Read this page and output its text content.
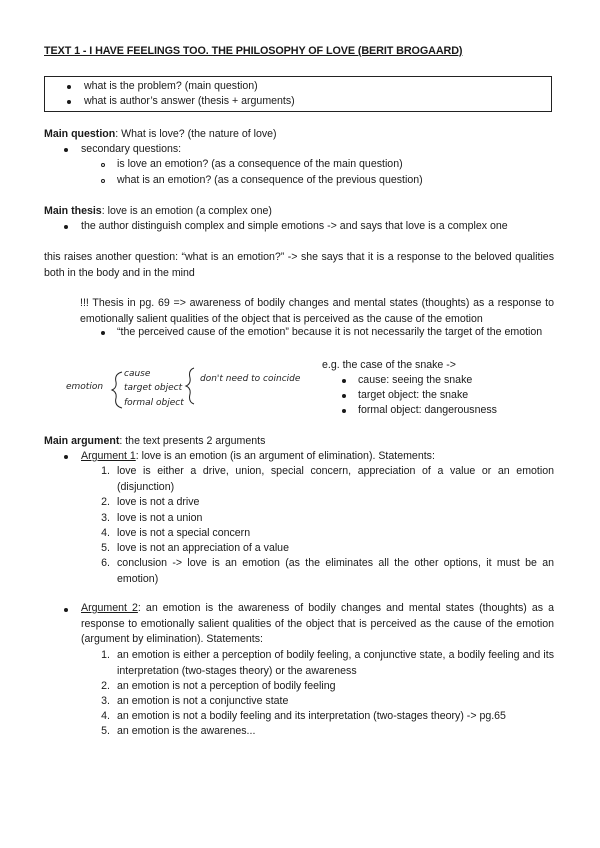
TEXT 1 - I HAVE FEELINGS TOO. THE PHILOSOPHY OF LOVE (BERIT BROGAARD)
what is the problem? (main question)
what is author’s answer (thesis + arguments)
Main question: What is love? (the nature of love)
secondary questions:
is love an emotion? (as a consequence of the main question)
what is an emotion? (as a consequence of the previous question)
Main thesis: love is an emotion (a complex one)
the author distinguish complex and simple emotions -> and says that love is a complex one
this raises another question: “what is an emotion?” -> she says that it is a response to the beloved qualities both in the body and in the mind
!!! Thesis in pg. 69 => awareness of bodily changes and mental states (thoughts) as a response to emotionally salient qualities of the object that is perceived as the cause of the emotion
“the perceived cause of the emotion” because it is not necessarily the target of the emotion
emotion
cause
target object
formal object
don't need to coincide
e.g. the case of the snake ->
cause: seeing the snake
target object: the snake
formal object: dangerousness
Main argument: the text presents 2 arguments
Argument 1: love is an emotion (is an argument of elimination). Statements:
1. love is either a drive, union, special concern, appreciation of a value or an emotion (disjunction)
2. love is not a drive
3. love is not a union
4. love is not a special concern
5. love is not an appreciation of a value
6. conclusion -> love is an emotion (as the eliminates all the other options, it must be an emotion)
Argument 2: an emotion is the awareness of bodily changes and mental states (thoughts) as a response to emotionally salient qualities of the object that is perceived as the cause of the emotion (argument by elimination). Statements:
1. an emotion is either a perception of bodily feeling, a conjunctive state, a bodily feeling and its interpretation (two-stages theory) or the awareness
2. an emotion is not a perception of bodily feeling
3. an emotion is not a conjunctive state
4. an emotion is not a bodily feeling and its interpretation (two-stages theory) -> pg.65
5. an emotion is the awarenes...
